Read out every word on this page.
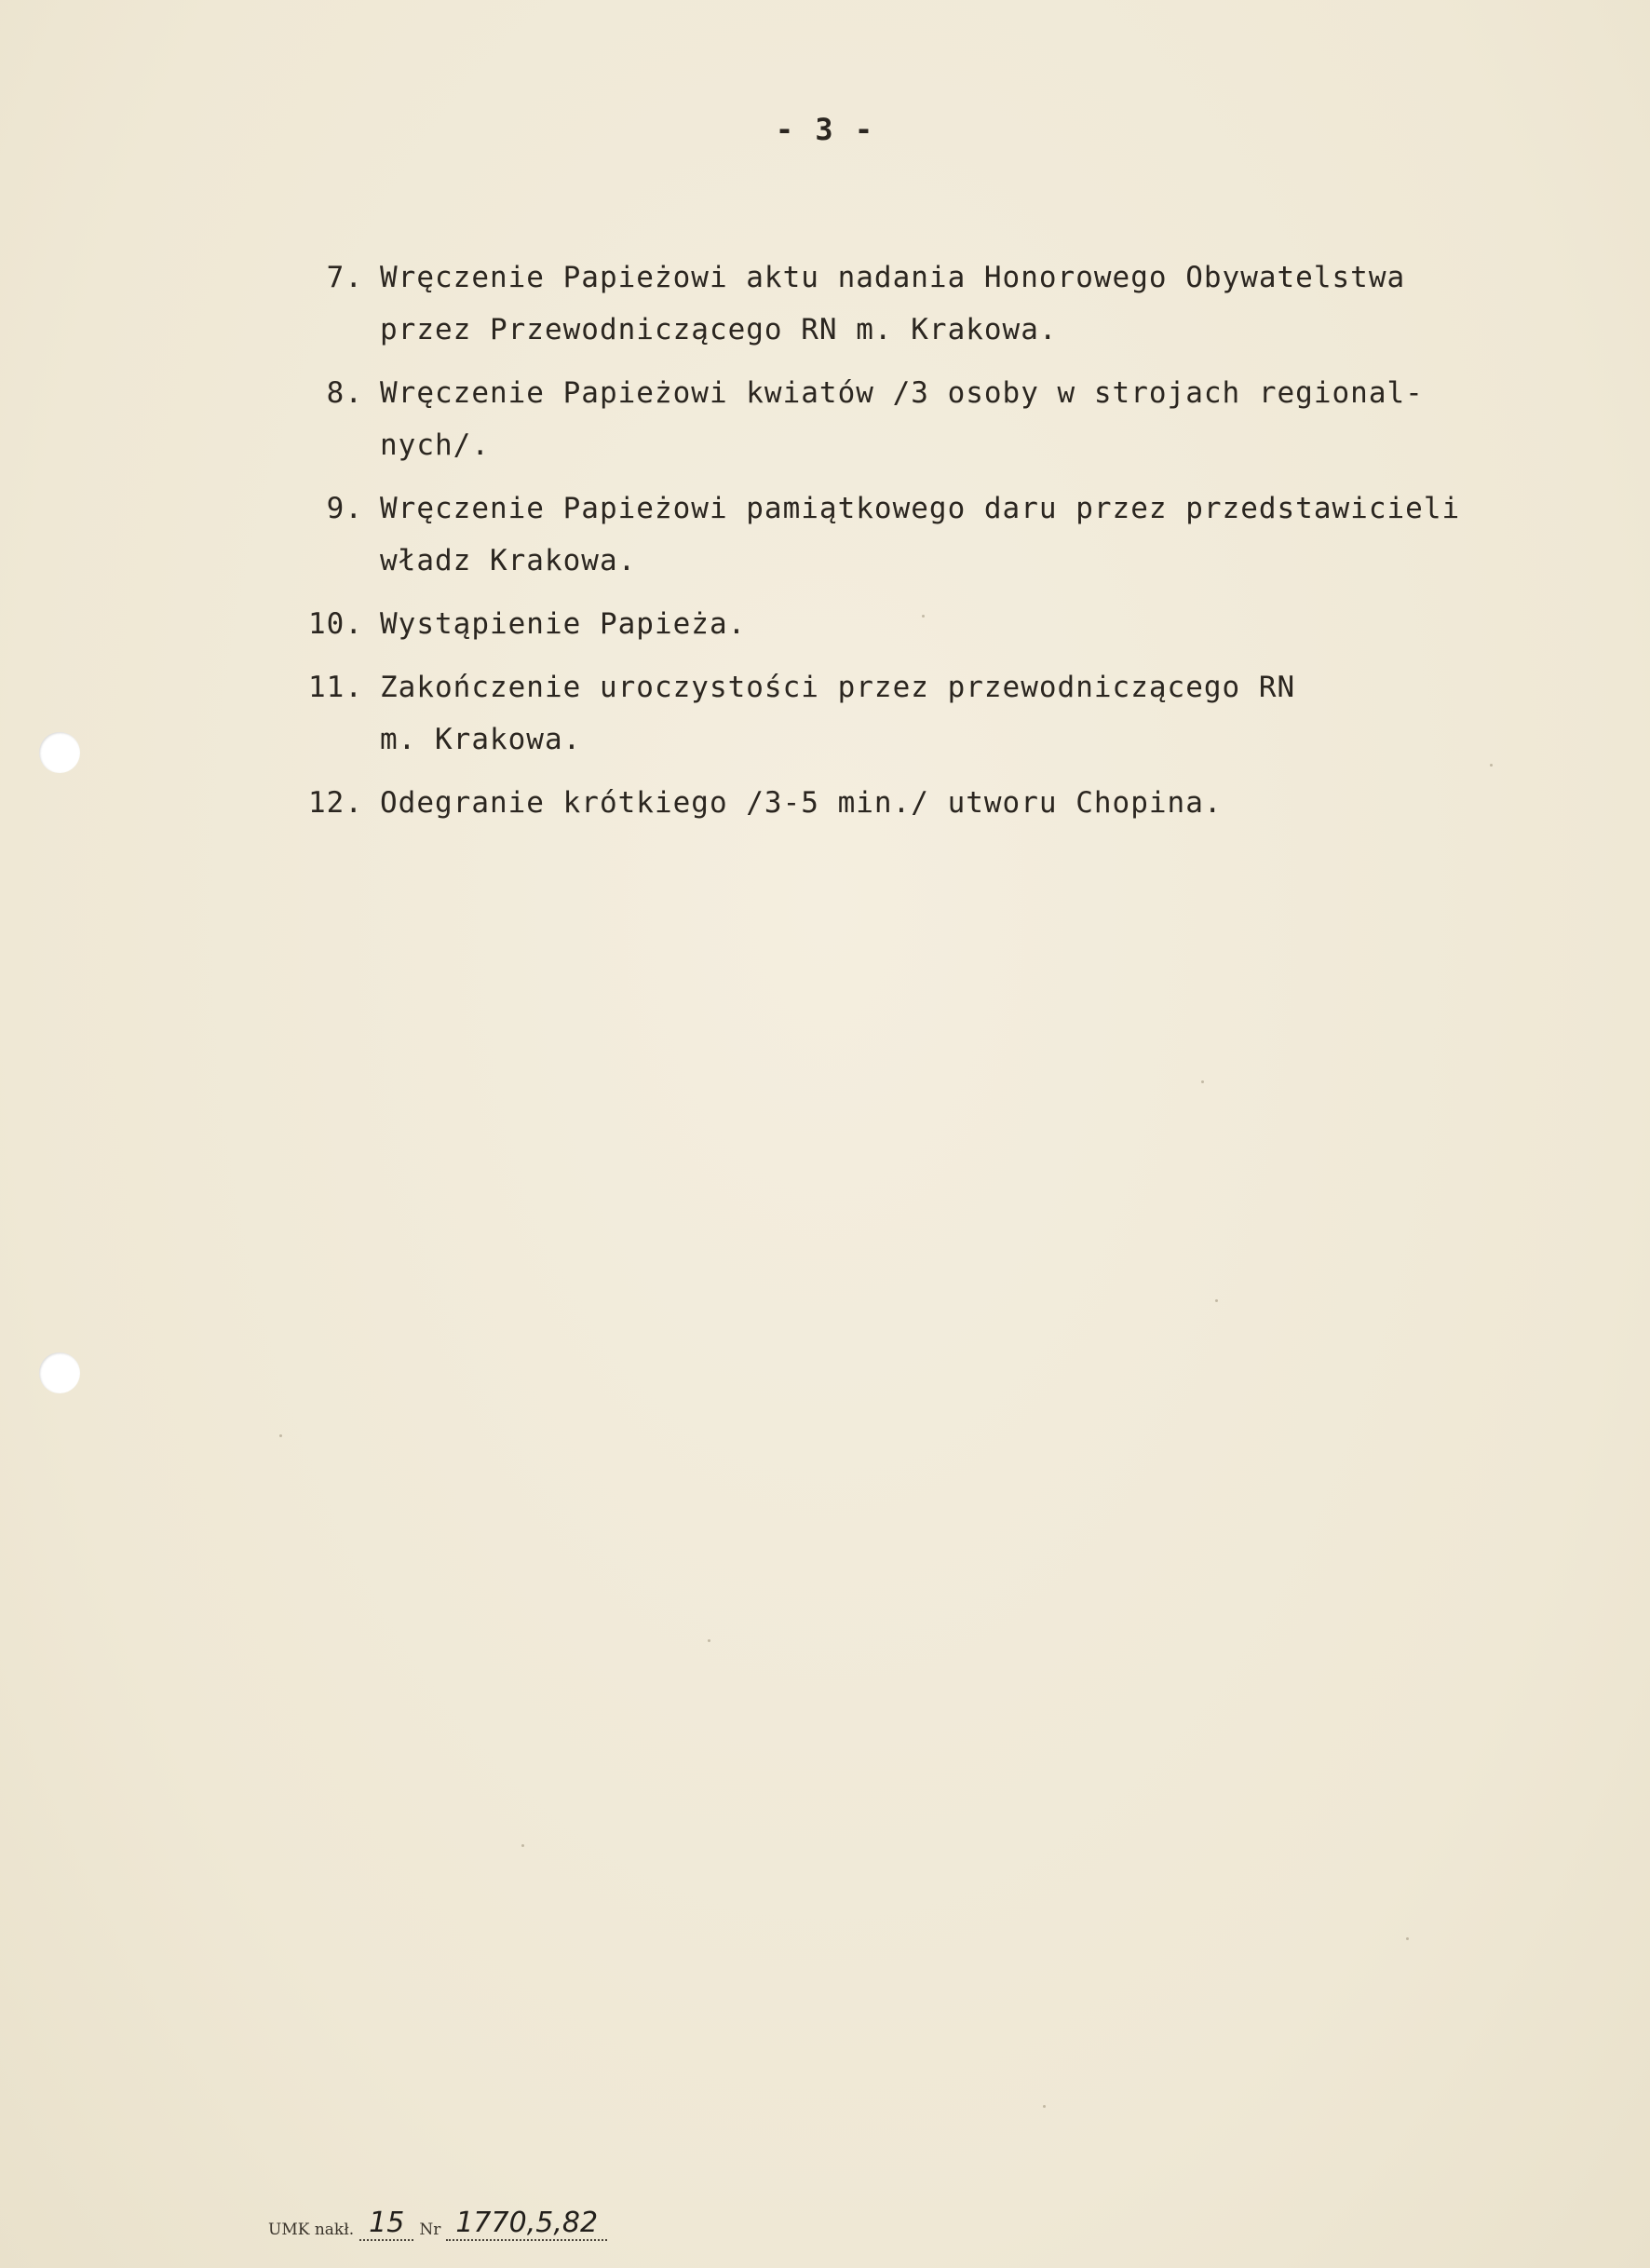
- 3 -
7. Wręczenie Papieżowi aktu nadania Honorowego Obywatelstwa
przez Przewodniczącego RN m. Krakowa.
8. Wręczenie Papieżowi kwiatów /3 osoby w strojach regional-
nych/.
9. Wręczenie Papieżowi pamiątkowego daru przez przedstawicieli
władz Krakowa.
10. Wystąpienie Papieża.
11. Zakończenie uroczystości przez przewodniczącego RN
m. Krakowa.
12. Odegranie krótkiego /3-5 min./ utworu Chopina.
UMK nakł. 15 Nr 1770,5,82
